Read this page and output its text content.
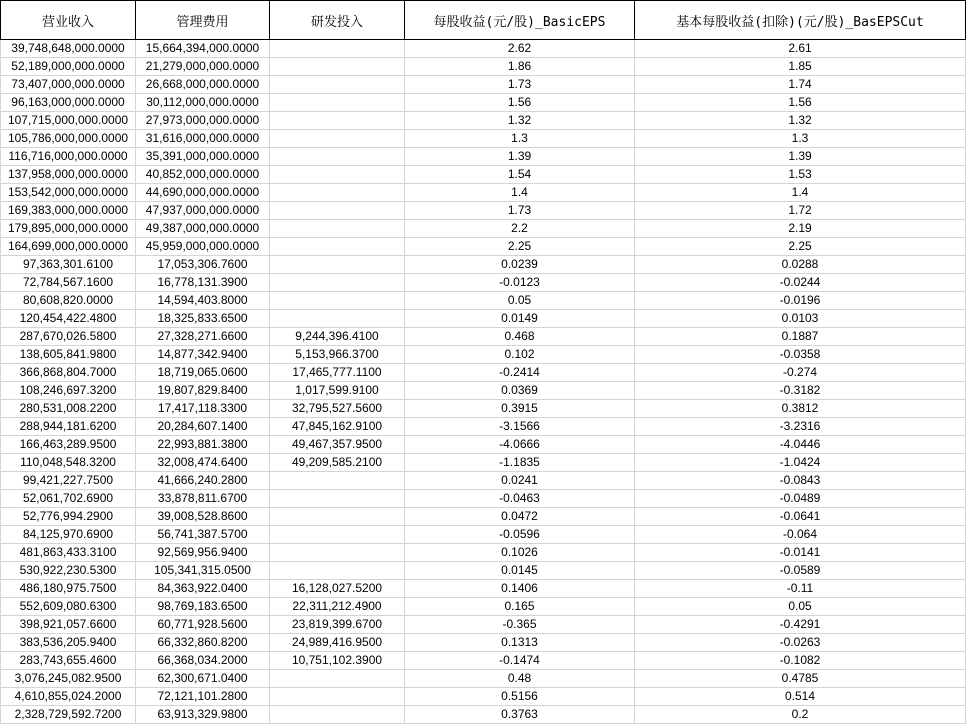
营业收入	管理费用	研发投入	每股收益(元/股)_BasicEPS	基本每股收益(扣除)(元/股)_BasEPSCut
39,748,648,000.0000	15,664,394,000.0000		2.62	2.61
52,189,000,000.0000	21,279,000,000.0000		1.86	1.85
73,407,000,000.0000	26,668,000,000.0000		1.73	1.74
96,163,000,000.0000	30,112,000,000.0000		1.56	1.56
107,715,000,000.0000	27,973,000,000.0000		1.32	1.32
105,786,000,000.0000	31,616,000,000.0000		1.3	1.3
116,716,000,000.0000	35,391,000,000.0000		1.39	1.39
137,958,000,000.0000	40,852,000,000.0000		1.54	1.53
153,542,000,000.0000	44,690,000,000.0000		1.4	1.4
169,383,000,000.0000	47,937,000,000.0000		1.73	1.72
179,895,000,000.0000	49,387,000,000.0000		2.2	2.19
164,699,000,000.0000	45,959,000,000.0000		2.25	2.25
97,363,301.6100	17,053,306.7600		0.0239	0.0288
72,784,567.1600	16,778,131.3900		-0.0123	-0.0244
80,608,820.0000	14,594,403.8000		0.05	-0.0196
120,454,422.4800	18,325,833.6500		0.0149	0.0103
287,670,026.5800	27,328,271.6600	9,244,396.4100	0.468	0.1887
138,605,841.9800	14,877,342.9400	5,153,966.3700	0.102	-0.0358
366,868,804.7000	18,719,065.0600	17,465,777.1100	-0.2414	-0.274
108,246,697.3200	19,807,829.8400	1,017,599.9100	0.0369	-0.3182
280,531,008.2200	17,417,118.3300	32,795,527.5600	0.3915	0.3812
288,944,181.6200	20,284,607.1400	47,845,162.9100	-3.1566	-3.2316
166,463,289.9500	22,993,881.3800	49,467,357.9500	-4.0666	-4.0446
110,048,548.3200	32,008,474.6400	49,209,585.2100	-1.1835	-1.0424
99,421,227.7500	41,666,240.2800		0.0241	-0.0843
52,061,702.6900	33,878,811.6700		-0.0463	-0.0489
52,776,994.2900	39,008,528.8600		0.0472	-0.0641
84,125,970.6900	56,741,387.5700		-0.0596	-0.064
481,863,433.3100	92,569,956.9400		0.1026	-0.0141
530,922,230.5300	105,341,315.0500		0.0145	-0.0589
486,180,975.7500	84,363,922.0400	16,128,027.5200	0.1406	-0.11
552,609,080.6300	98,769,183.6500	22,311,212.4900	0.165	0.05
398,921,057.6600	60,771,928.5600	23,819,399.6700	-0.365	-0.4291
383,536,205.9400	66,332,860.8200	24,989,416.9500	0.1313	-0.0263
283,743,655.4600	66,368,034.2000	10,751,102.3900	-0.1474	-0.1082
3,076,245,082.9500	62,300,671.0400		0.48	0.4785
4,610,855,024.2000	72,121,101.2800		0.5156	0.514
2,328,729,592.7200	63,913,329.9800		0.3763	0.2
